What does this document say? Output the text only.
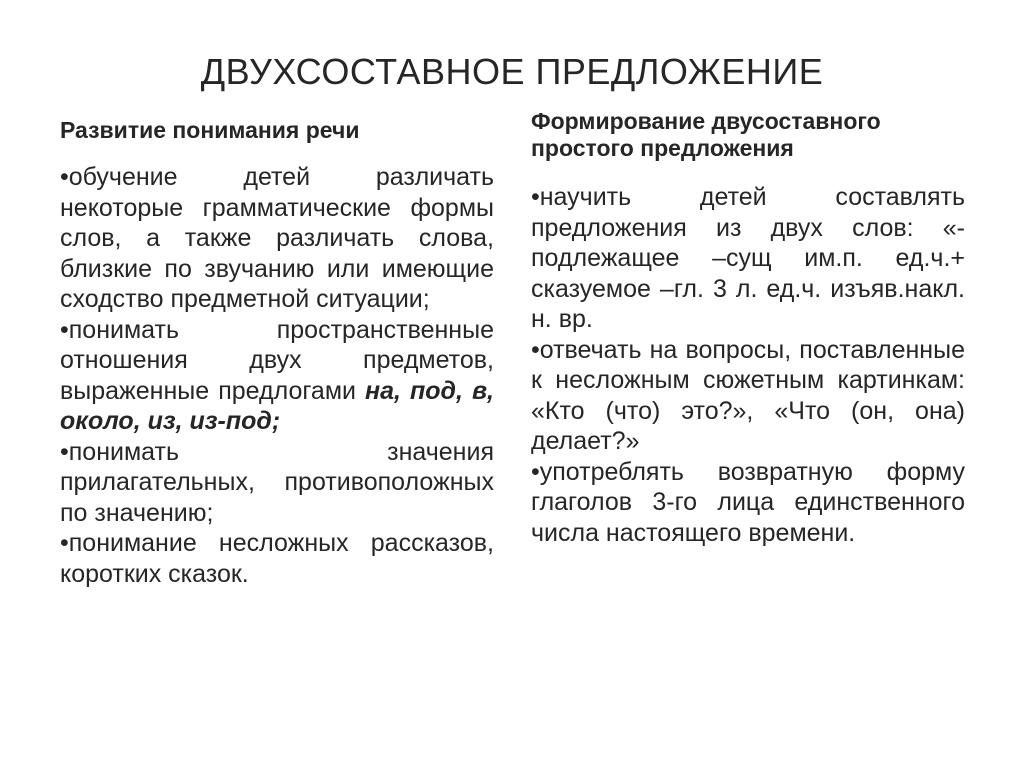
ДВУХСОСТАВНОЕ ПРЕДЛОЖЕНИЕ
Развитие понимания речи
•обучение детей различать некоторые грамматические формы слов, а также различать слова, близкие по звучанию или имеющие сходство предметной ситуации;
•понимать пространственные отношения двух предметов, выраженные предлогами на, под, в, около, из, из-под;
•понимать значения прилагательных, противоположных по значению;
•понимание несложных рассказов, коротких сказок.
Формирование двусоставного простого предложения
•научить детей составлять предложения из двух слов: «-подлежащее –сущ им.п. ед.ч.+ сказуемое –гл. 3 л. ед.ч. изъяв.накл. н. вр.
•отвечать на вопросы, поставленные к несложным сюжетным картинкам: «Кто (что) это?», «Что (он, она) делает?»
•употреблять возвратную форму глаголов 3-го лица единственного числа настоящего времени.
